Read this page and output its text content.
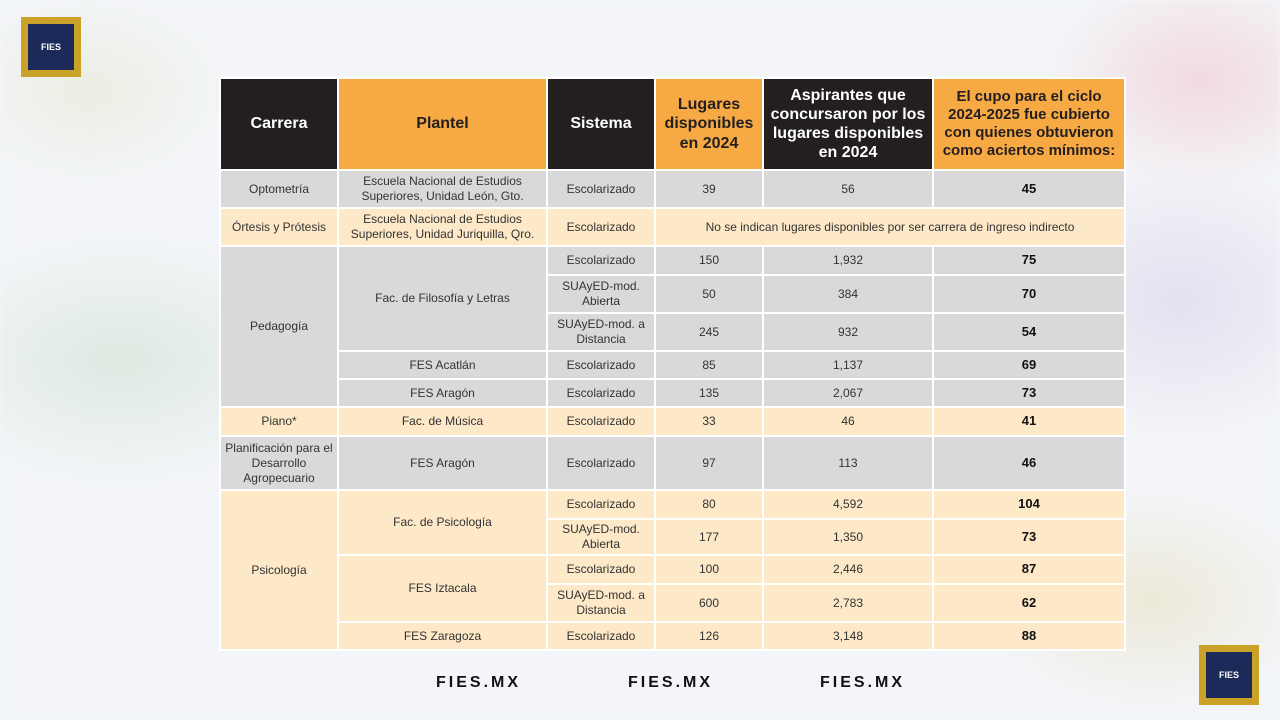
FIES
Carrera	Plantel	Sistema	Lugares disponibles en 2024	Aspirantes que concursaron por los lugares disponibles en 2024	El cupo para el ciclo 2024-2025 fue cubierto con quienes obtuvieron como aciertos mínimos:
Optometría	Escuela Nacional de Estudios Superiores, Unidad León, Gto.	Escolarizado	39	56	45
Órtesis y Prótesis	Escuela Nacional de Estudios Superiores, Unidad Juriquilla, Qro.	Escolarizado	No se indican lugares disponibles por ser carrera de ingreso indirecto		
Pedagogía	Fac. de Filosofía y Letras	Escolarizado	150	1,932	75
		SUAyED-mod. Abierta	50	384	70
		SUAyED-mod. a Distancia	245	932	54
	FES Acatlán	Escolarizado	85	1,137	69
	FES Aragón	Escolarizado	135	2,067	73
Piano*	Fac. de Música	Escolarizado	33	46	41
Planificación para el Desarrollo Agropecuario	FES Aragón	Escolarizado	97	113	46
Psicología	Fac. de Psicología	Escolarizado	80	4,592	104
		SUAyED-mod. Abierta	177	1,350	73
	FES Iztacala	Escolarizado	100	2,446	87
		SUAyED-mod. a Distancia	600	2,783	62
	FES Zaragoza	Escolarizado	126	3,148	88
FIES.MX	FIES.MX	FIES.MX	FIES
